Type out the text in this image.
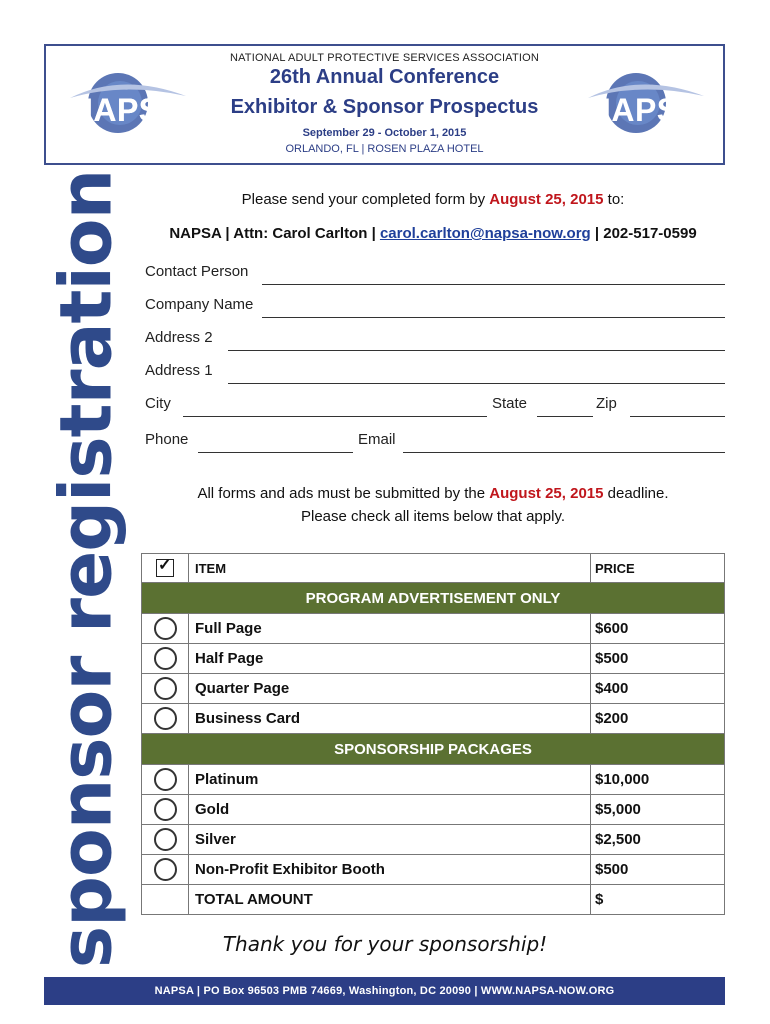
NATIONAL ADULT PROTECTIVE SERVICES ASSOCIATION
26th Annual Conference
Exhibitor & Sponsor Prospectus
September 29 - October 1, 2015
ORLANDO, FL | ROSEN PLAZA HOTEL
NAPSA	NAPSA
sponsor registration	Please send your completed form by August 25, 2015 to:
NAPSA | Attn: Carol Carlton | carol.carlton@napsa-now.org | 202-517-0599
Contact Person
Company Name
Address 2
Address 1
City	State	Zip
Phone	Email
All forms and ads must be submitted by the August 25, 2015 deadline.
Please check all items below that apply.
✓	ITEM	PRICE
PROGRAM ADVERTISEMENT ONLY		
	Full Page	$600
	Half Page	$500
	Quarter Page	$400
	Business Card	$200
SPONSORSHIP PACKAGES		
	Platinum	$10,000
	Gold	$5,000
	Silver	$2,500
	Non-Profit Exhibitor Booth	$500
	TOTAL AMOUNT	$
Thank you for your sponsorship!
NAPSA | PO Box 96503 PMB 74669, Washington, DC 20090 | WWW.NAPSA-NOW.ORG
